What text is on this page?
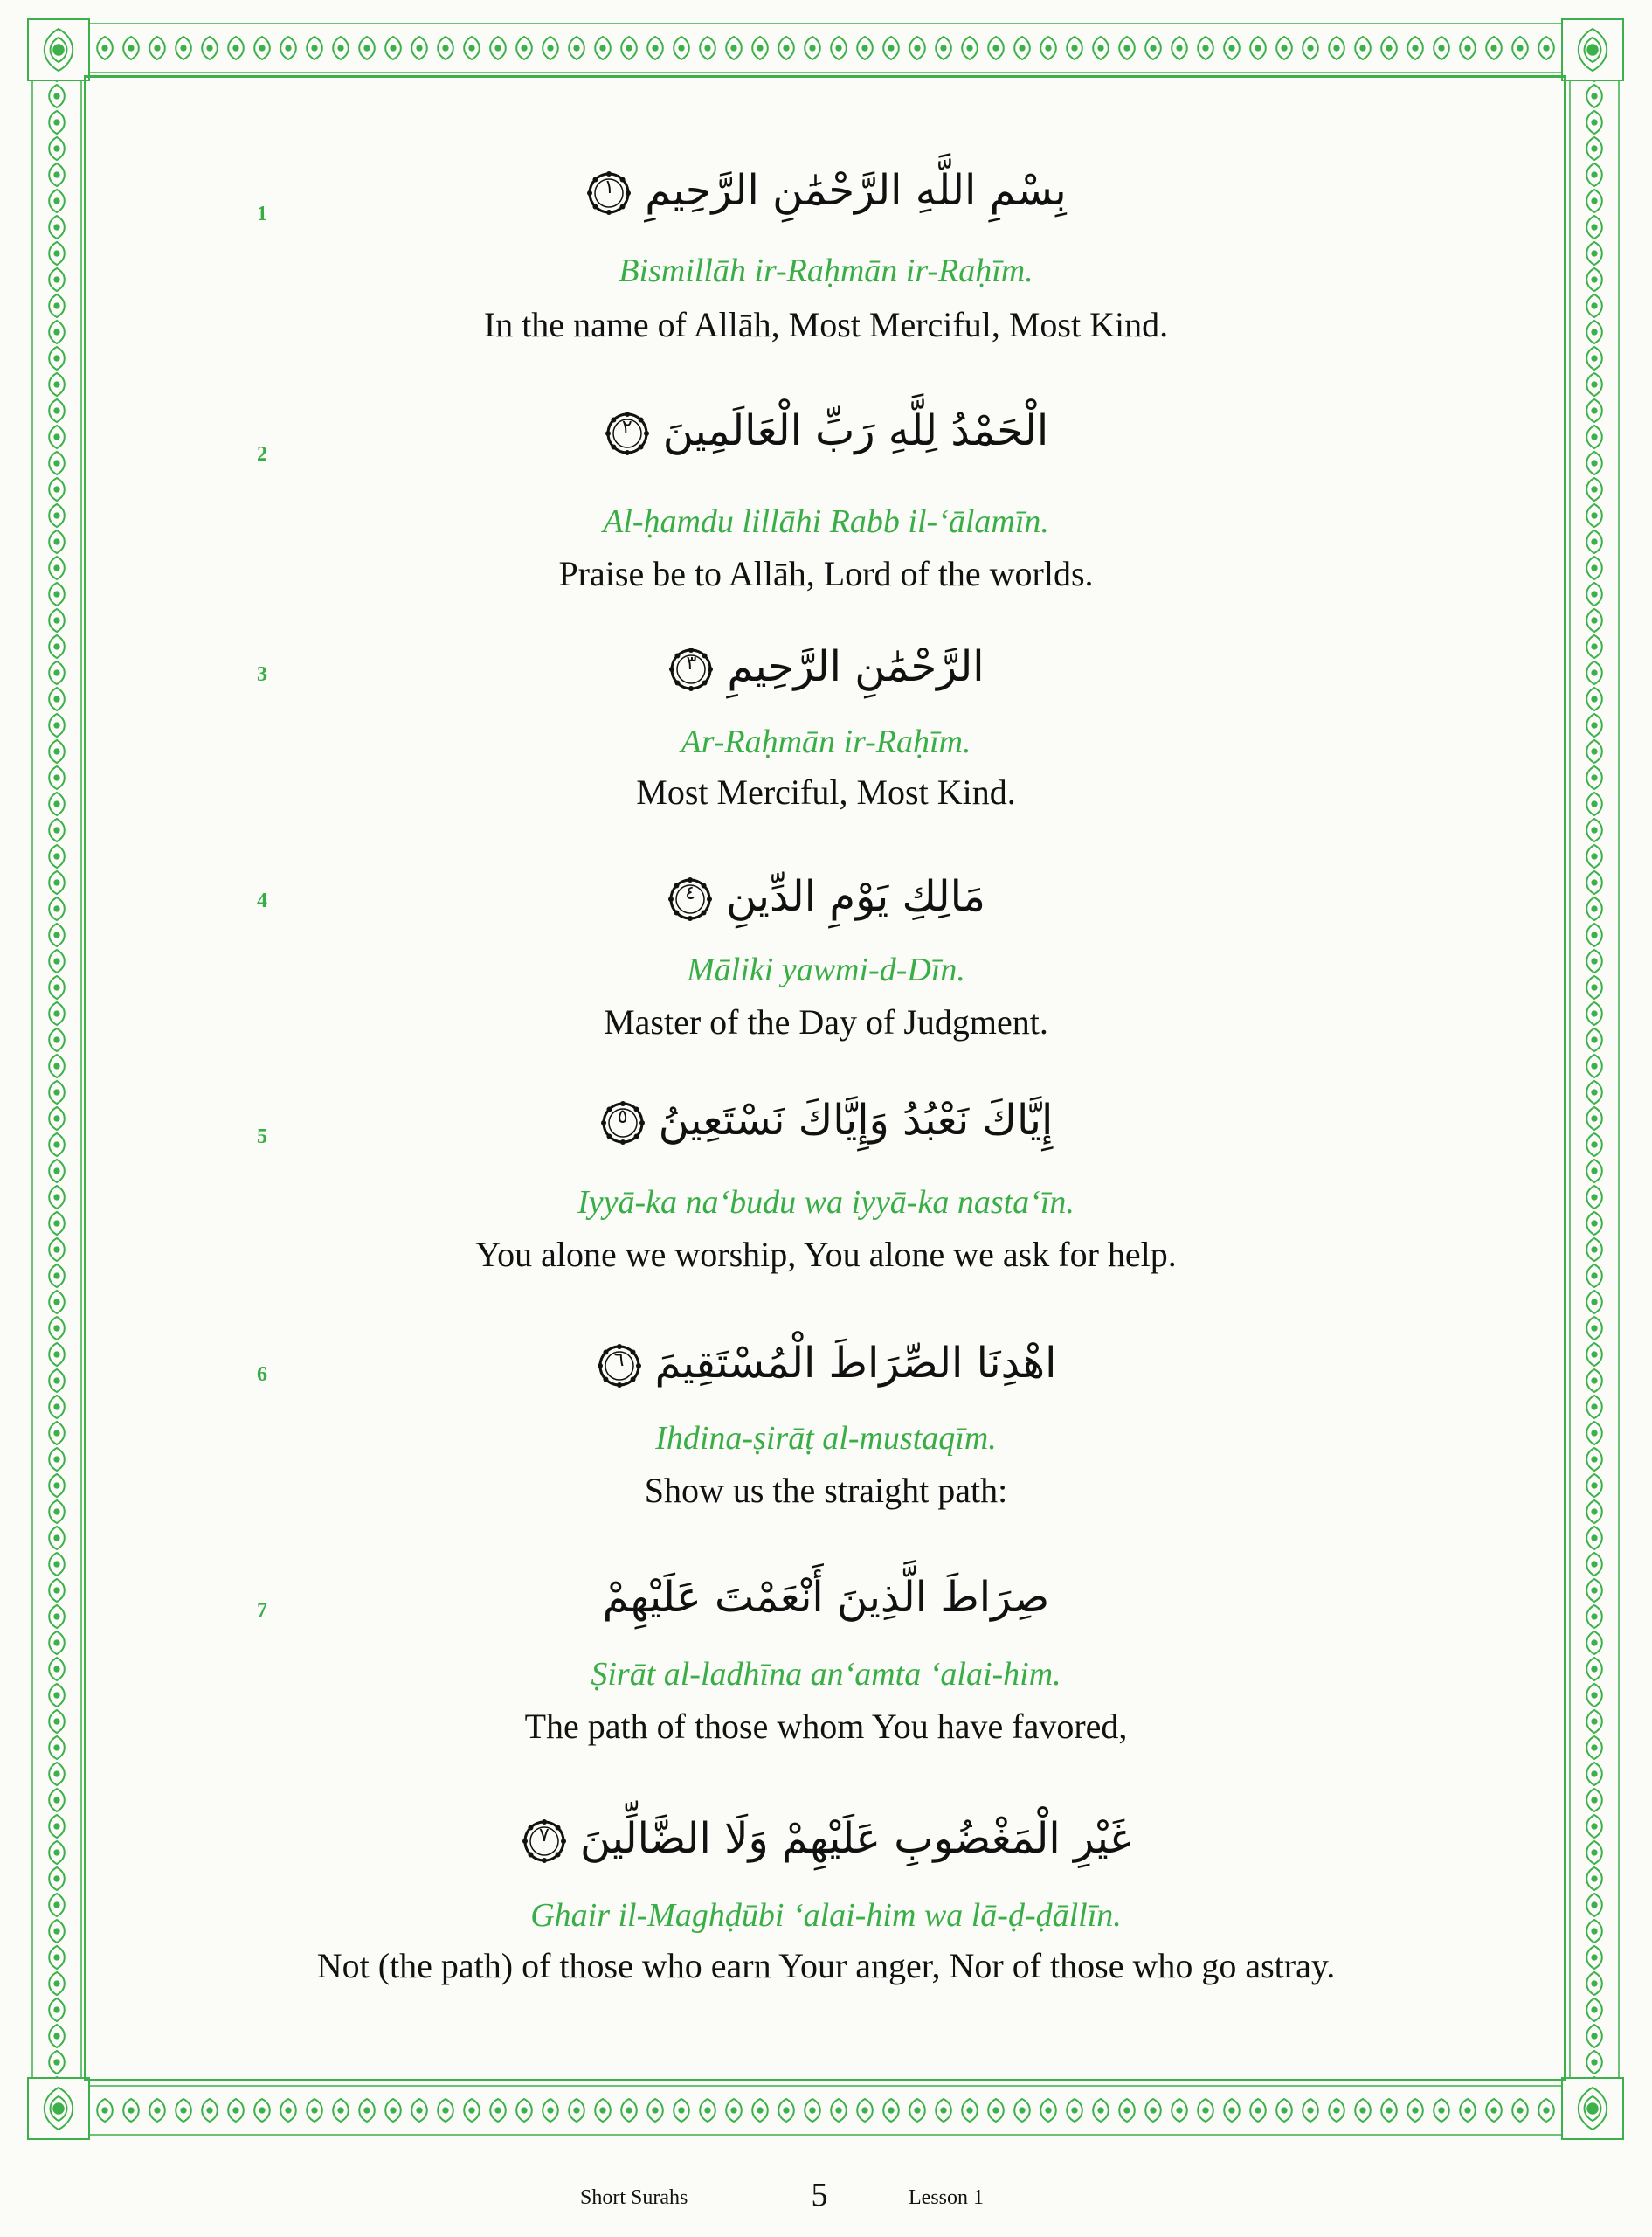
1	بِسْمِ اللَّهِ الرَّحْمَٰنِ الرَّحِيمِ
١
Bismillāh ir-Raḥmān ir-Raḥīm.
In the name of Allāh, Most Merciful, Most Kind.
2	الْحَمْدُ لِلَّهِ رَبِّ الْعَالَمِينَ
٢
Al-ḥamdu lillāhi Rabb il-‘ālamīn.
Praise be to Allāh, Lord of the worlds.
3	الرَّحْمَٰنِ الرَّحِيمِ
٣
Ar-Raḥmān ir-Raḥīm.
Most Merciful, Most Kind.
4	مَالِكِ يَوْمِ الدِّينِ
٤
Māliki yawmi-d-Dīn.
Master of the Day of Judgment.
5	إِيَّاكَ نَعْبُدُ وَإِيَّاكَ نَسْتَعِينُ
٥
Iyyā-ka na‘budu wa iyyā-ka nasta‘īn.
You alone we worship, You alone we ask for help.
6	اهْدِنَا الصِّرَاطَ الْمُسْتَقِيمَ
٦
Ihdina-ṣirāṭ al-mustaqīm.
Show us the straight path:
7	صِرَاطَ الَّذِينَ أَنْعَمْتَ عَلَيْهِمْ
Ṣirāt al-ladhīna an‘amta ‘alai-him.
The path of those whom You have favored,
غَيْرِ الْمَغْضُوبِ عَلَيْهِمْ وَلَا الضَّالِّينَ
٧
Ghair il-Maghḍūbi ‘alai-him wa lā-ḍ-ḍāllīn.
Not (the path) of those who earn Your anger, Nor of those who go astray.
Short Surahs	5	Lesson 1
